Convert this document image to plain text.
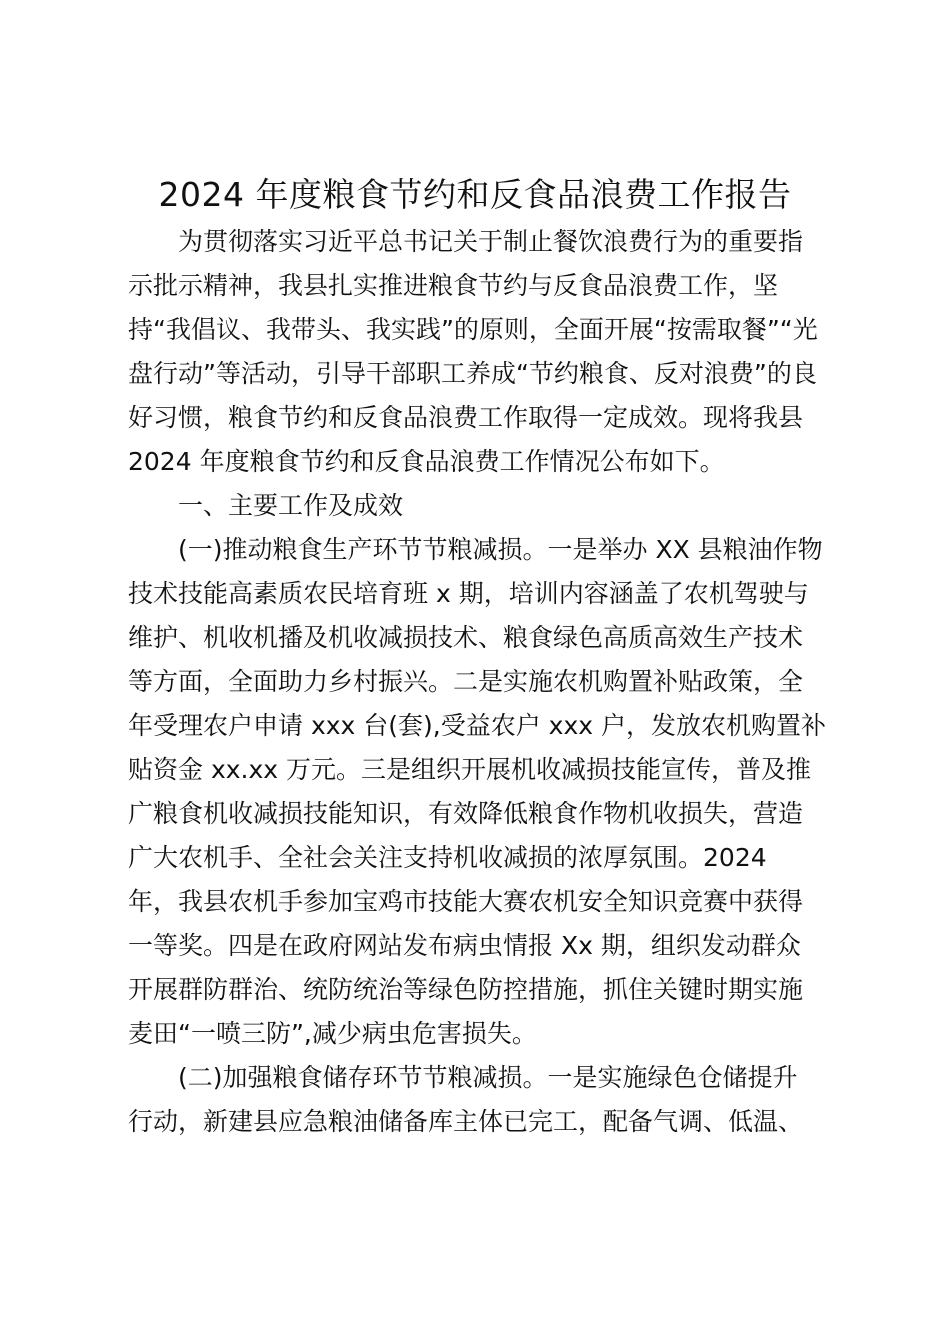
2024 年度粮食节约和反食品浪费工作报告
为贯彻落实习近平总书记关于制止餐饮浪费行为的重要指
示批示精神，我县扎实推进粮食节约与反食品浪费工作，坚
持“我倡议、我带头、我实践”的原则，全面开展“按需取餐”“光
盘行动”等活动，引导干部职工养成“节约粮食、反对浪费”的良
好习惯，粮食节约和反食品浪费工作取得一定成效。现将我县
2024 年度粮食节约和反食品浪费工作情况公布如下。
一、主要工作及成效
(一)推动粮食生产环节节粮减损。一是举办 XX 县粮油作物
技术技能高素质农民培育班 x 期，培训内容涵盖了农机驾驶与
维护、机收机播及机收减损技术、粮食绿色高质高效生产技术
等方面，全面助力乡村振兴。二是实施农机购置补贴政策，全
年受理农户申请 xxx 台(套),受益农户 xxx 户，发放农机购置补
贴资金 xx.xx 万元。三是组织开展机收减损技能宣传，普及推
广粮食机收减损技能知识，有效降低粮食作物机收损失，营造
广大农机手、全社会关注支持机收减损的浓厚氛围。2024
年，我县农机手参加宝鸡市技能大赛农机安全知识竞赛中获得
一等奖。四是在政府网站发布病虫情报 Xx 期，组织发动群众
开展群防群治、统防统治等绿色防控措施，抓住关键时期实施
麦田“一喷三防”,减少病虫危害损失。
(二)加强粮食储存环节节粮减损。一是实施绿色仓储提升
行动，新建县应急粮油储备库主体已完工，配备气调、低温、
